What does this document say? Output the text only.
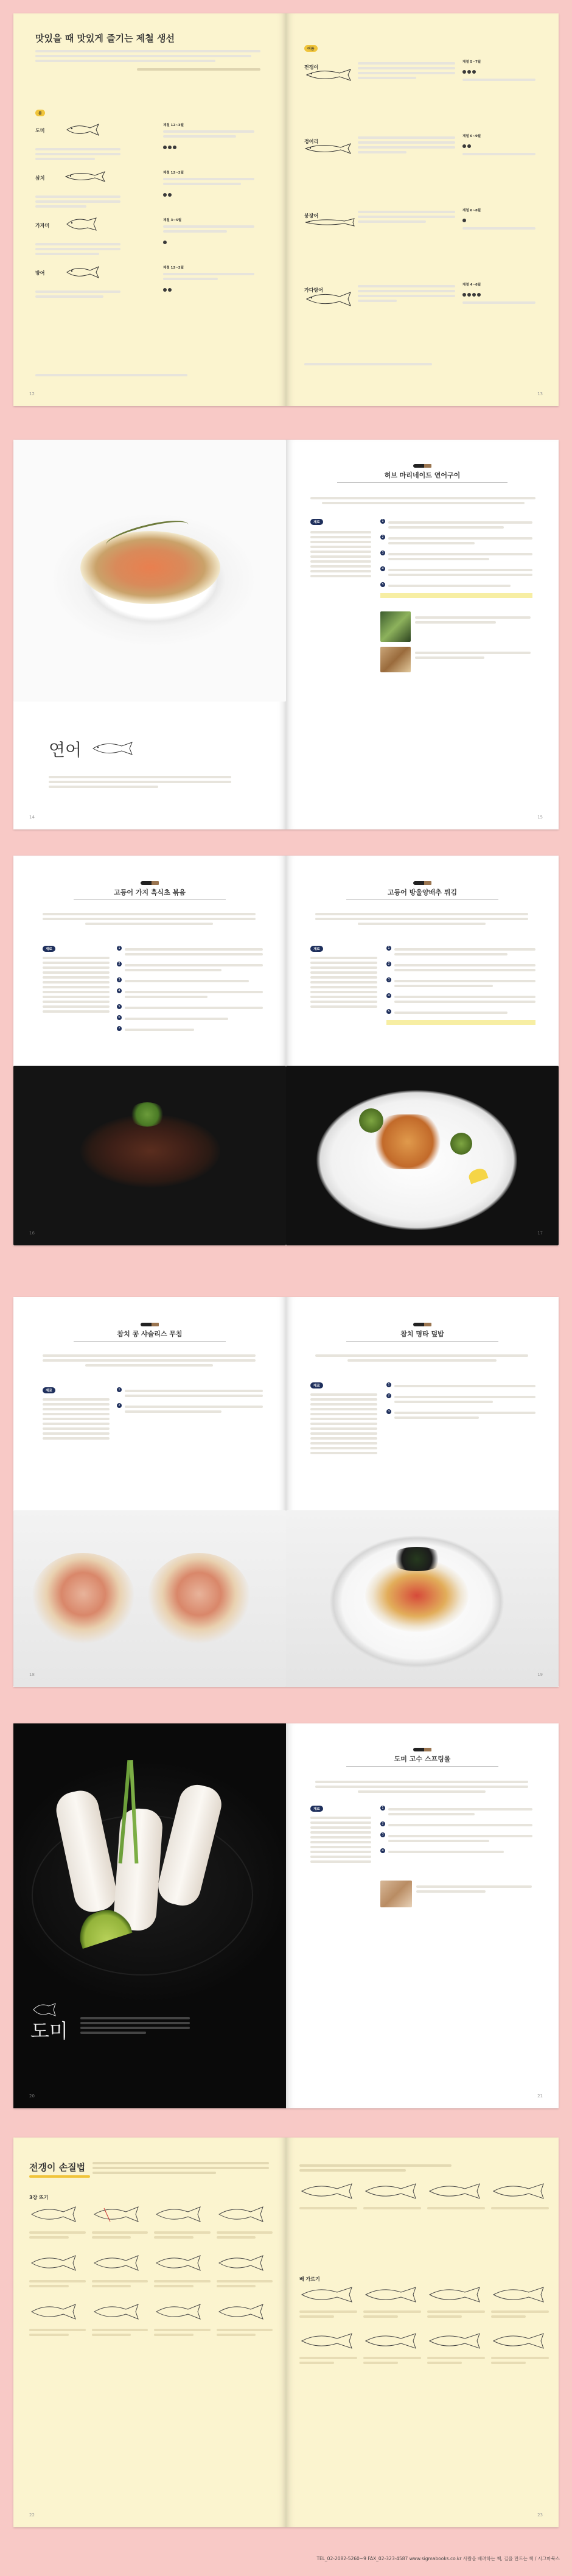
맛있을 때 맛있게 즐기는 제철 생선
봄
도미
제철 12~3월
삼치
제철 12~2월
가자미
제철 3~5월
방어
제철 12~2월
12
여름
전갱이
제철 5~7월
정어리
제철 6~9월
붕장어
제철 6~8월
가다랑어
제철 4~6월
13
연어
14
허브 마리네이드 연어구이
재료	1
2
3
4
5
15
고등어 가지 흑식초 볶음
재료	1
2
3
4
5
6
7
16
고등어 방울양배추 튀김
재료	1
2
3
4
5
17
참치 콩 샤슬리스 무침
재료	1
2
18
참치 명타 덮밥
재료	1
2
3
19
도미
20
도미 고수 스프링롤
재료	1
2
3
4
21
전갱이 손질법
3장 뜨기
22
배 가르기
23
TEL_02-2082-5260~9 FAX_02-323-4587 www.sigmabooks.co.kr 사람을 배려하는 책, 길을 만드는 책 / 시그마북스
